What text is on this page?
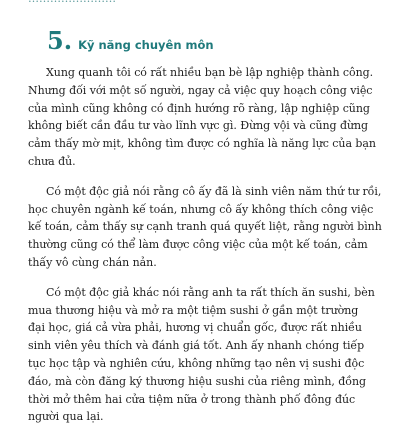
5. Kỹ năng chuyên môn

Xung quanh tôi có rất nhiều bạn bè lập nghiệp thành công.
Nhưng đối với một số người, ngay cả việc quy hoạch công việc
của mình cũng không có định hướng rõ ràng, lập nghiệp cũng
không biết cần đầu tư vào lĩnh vực gì. Đừng vội và cũng đừng
cảm thấy mờ mịt, không tìm được có nghĩa là năng lực của bạn
chưa đủ.

Có một độc giả nói rằng cô ấy đã là sinh viên năm thứ tư rồi,
học chuyên ngành kế toán, nhưng cô ấy không thích công việc
kế toán, cảm thấy sự cạnh tranh quá quyết liệt, rằng người bình
thường cũng có thể làm được công việc của một kế toán, cảm
thấy vô cùng chán nản.

Có một độc giả khác nói rằng anh ta rất thích ăn sushi, bèn
mua thương hiệu và mở ra một tiệm sushi ở gần một trường
đại học, giá cả vừa phải, hương vị chuẩn gốc, được rất nhiều
sinh viên yêu thích và đánh giá tốt. Anh ấy nhanh chóng tiếp
tục học tập và nghiên cứu, không những tạo nên vị sushi độc
đáo, mà còn đăng ký thương hiệu sushi của riêng mình, đồng
thời mở thêm hai cửa tiệm nữa ở trong thành phố đông đúc
người qua lại.
